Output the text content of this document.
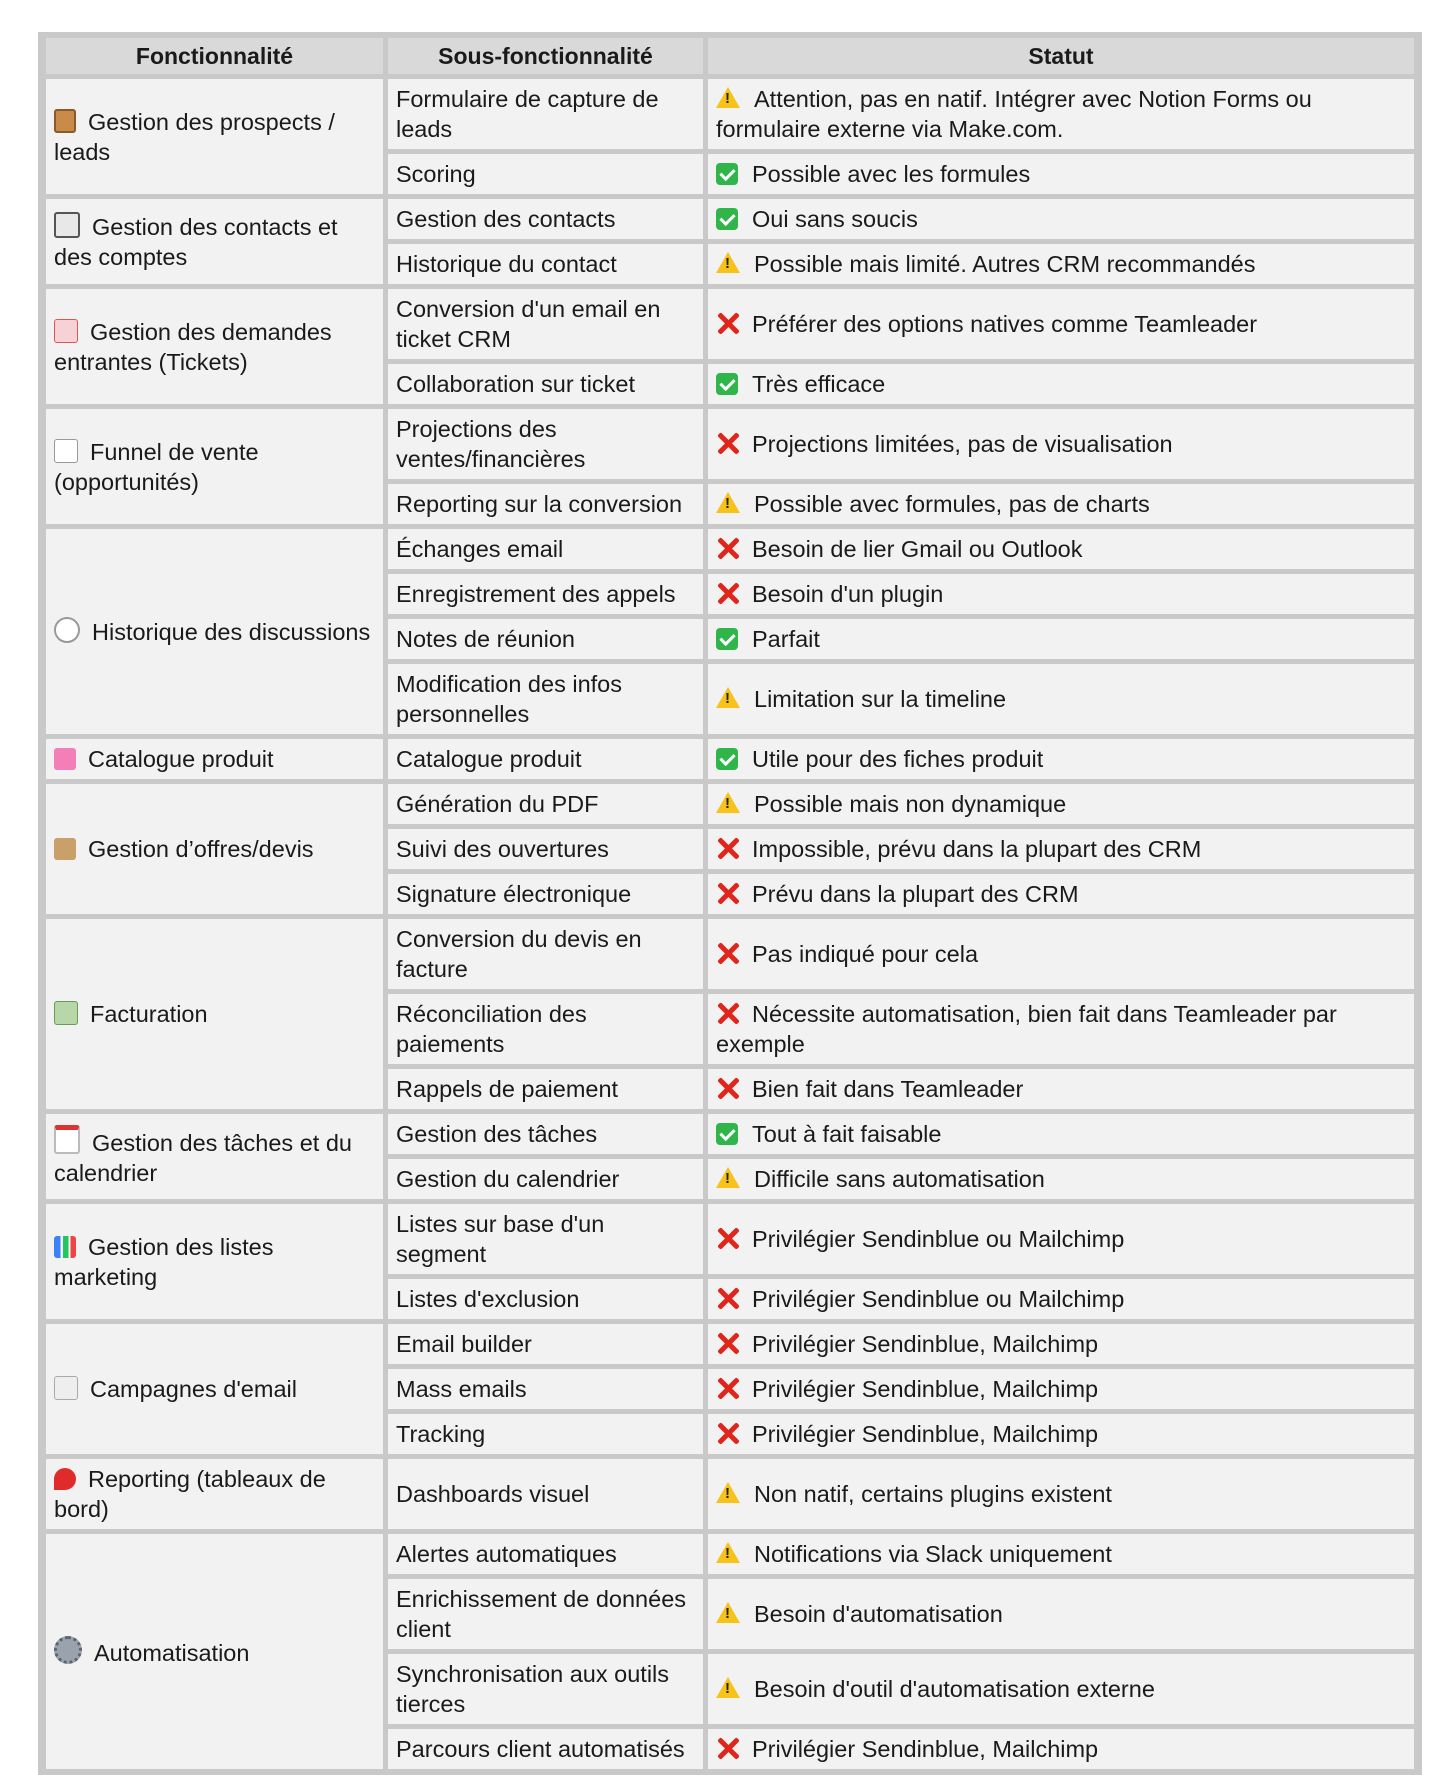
Fonctionnalité	Sous-fonctionnalité	Statut
Gestion des prospects / leads	Formulaire de capture de leads	!Attention, pas en natif. Intégrer avec Notion Forms ou formulaire externe via Make.com.
	Scoring	Possible avec les formules
Gestion des contacts et des comptes	Gestion des contacts	Oui sans soucis
	Historique du contact	!Possible mais limité. Autres CRM recommandés
Gestion des demandes entrantes (Tickets)	Conversion d'un email en ticket CRM	Préférer des options natives comme Teamleader
	Collaboration sur ticket	Très efficace
Funnel de vente (opportunités)	Projections des ventes/financières	Projections limitées, pas de visualisation
	Reporting sur la conversion	!Possible avec formules, pas de charts
Historique des discussions	Échanges email	Besoin de lier Gmail ou Outlook
	Enregistrement des appels	Besoin d'un plugin
	Notes de réunion	Parfait
	Modification des infos personnelles	!Limitation sur la timeline
Catalogue produit	Catalogue produit	Utile pour des fiches produit
Gestion d’offres/devis	Génération du PDF	!Possible mais non dynamique
	Suivi des ouvertures	Impossible, prévu dans la plupart des CRM
	Signature électronique	Prévu dans la plupart des CRM
Facturation	Conversion du devis en facture	Pas indiqué pour cela
	Réconciliation des paiements	Nécessite automatisation, bien fait dans Teamleader par exemple
	Rappels de paiement	Bien fait dans Teamleader
Gestion des tâches et du calendrier	Gestion des tâches	Tout à fait faisable
	Gestion du calendrier	!Difficile sans automatisation
Gestion des listes marketing	Listes sur base d'un segment	Privilégier Sendinblue ou Mailchimp
	Listes d'exclusion	Privilégier Sendinblue ou Mailchimp
Campagnes d'email	Email builder	Privilégier Sendinblue, Mailchimp
	Mass emails	Privilégier Sendinblue, Mailchimp
	Tracking	Privilégier Sendinblue, Mailchimp
Reporting (tableaux de bord)	Dashboards visuel	!Non natif, certains plugins existent
Automatisation	Alertes automatiques	!Notifications via Slack uniquement
	Enrichissement de données client	!Besoin d'automatisation
	Synchronisation aux outils tierces	!Besoin d'outil d'automatisation externe
	Parcours client automatisés	Privilégier Sendinblue, Mailchimp
